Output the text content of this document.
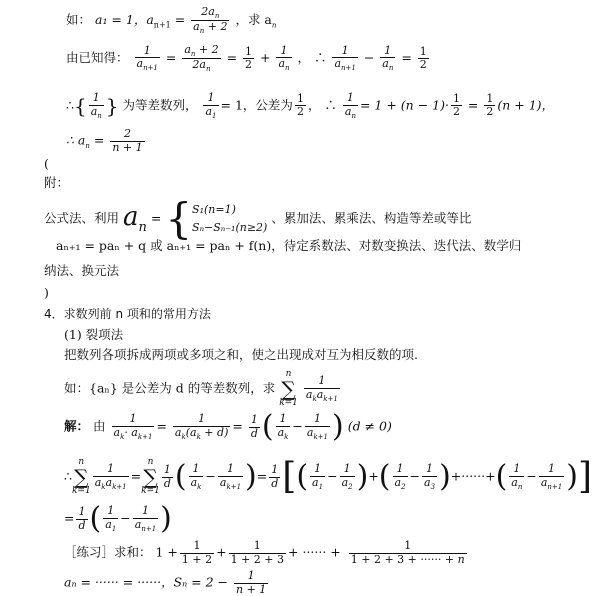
如： a₁ = 1，$a_{n+1} = \frac{2a_n}{a_n + 2}$ ，求 $a_n$
由已知得： $\frac{1}{a_{n+1}} = \frac{a_n + 2}{2a_n} = \frac{1}{2} + \frac{1}{a_n}$ ， ∴ $\frac{1}{a_{n+1}} - \frac{1}{a_n} = \frac{1}{2}$
∴{ $\frac{1}{a_n}$ } 为等差数列， $\frac{1}{a_1} = 1$，公差为 $\frac{1}{2}$ ， ∴ $\frac{1}{a_n} = 1 + (n - 1)\cdot \frac{1}{2} = \frac{1}{2} (n + 1)$，
∴ $a_n = \frac{2}{n + 1}$
(
附：
公式法、利用 $a_n$ = { S₁(n=1)
Sₙ−Sₙ₋₁(n≥2)
、累加法、累乘法、构造等差或等比
aₙ₊₁ = paₙ + q 或 aₙ₊₁ = paₙ + f(n)，待定系数法、对数变换法、迭代法、数学归
纳法、换元法
)
4．求数列前 n 项和的常用方法
(1) 裂项法
把数列各项拆成两项或多项之和，使之出现成对互为相反数的项.
如：{aₙ} 是公差为 d 的等差数列，求 n
∑
k=1
$\frac{1}{a_ka_{k+1}}$
解： 由 $\frac{1}{a_k\cdot a_{k+1}} = \frac{1}{a_k(a_k + d)} = \frac{1}{d}$ ( $\frac{1}{a_k} - \frac{1}{a_{k+1}}$ ) (d ≠ 0)
∴n
∑
k=1
$\frac{1}{a_ka_{k+1}} =n$
∑
k=1
$\frac{1}{d}$ ( $\frac{1}{a_k} - \frac{1}{a_{k+1}}$ )= $\frac{1}{d}$ [( $\frac{1}{a_1} - \frac{1}{a_2}$ )+( $\frac{1}{a_2} - \frac{1}{a_3}$ )+······+( $\frac{1}{a_n} - \frac{1}{a_{n+1}}$ )]
= $\frac{1}{d}$ ( $\frac{1}{a_1} - \frac{1}{a_{n+1}}$ )
［练习］求和： $1 + \frac{1}{1 + 2} + \frac{1}{1 + 2 + 3}$ + ······ + $\frac{1}{1 + 2 + 3 + \cdot\cdot\cdot\cdot\cdot\cdot + n}$
aₙ = ······ = ······，$S_n = 2 - \frac{1}{n + 1}$
